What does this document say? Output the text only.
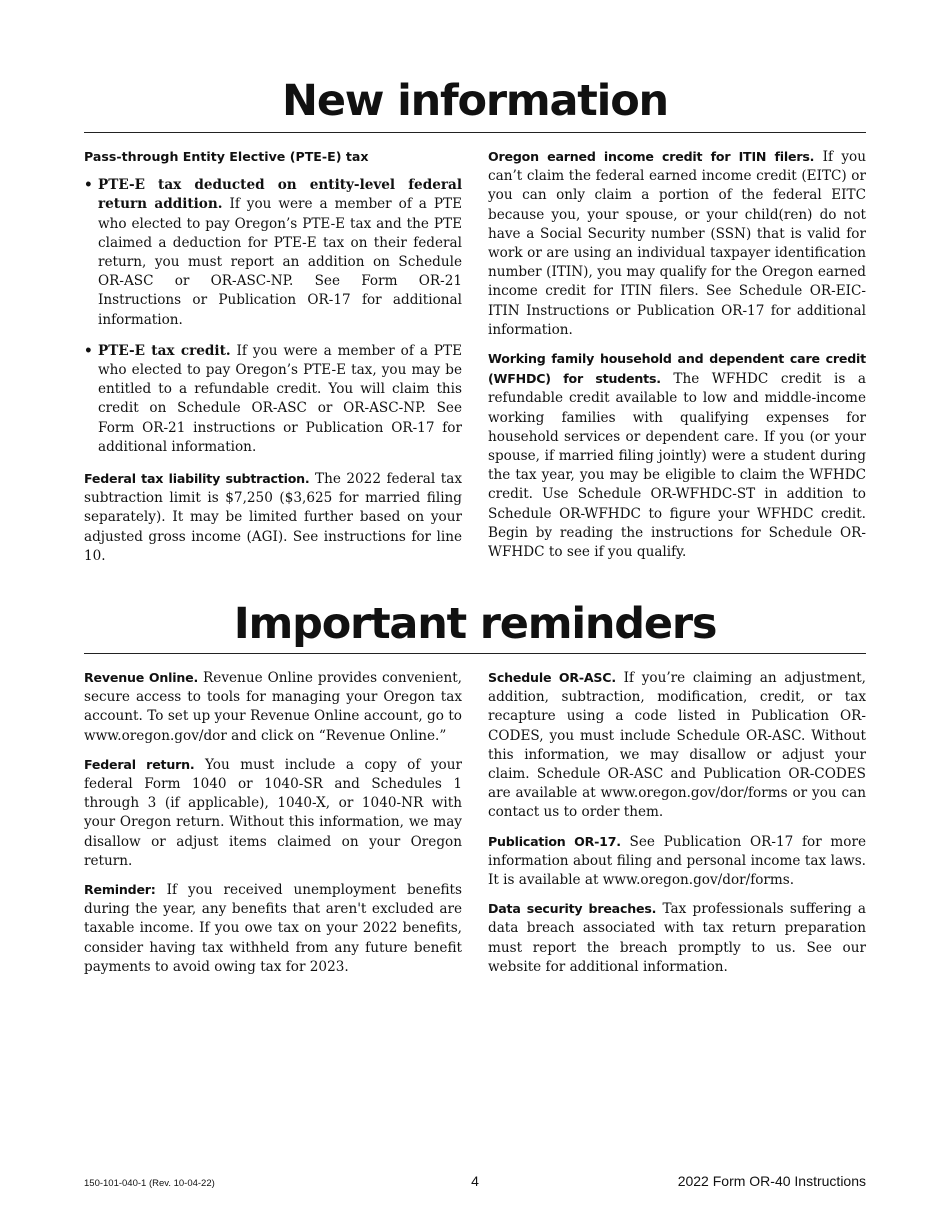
New information
Pass-through Entity Elective (PTE-E) tax
• PTE-E tax deducted on entity-level federal return addition. If you were a member of a PTE who elected to pay Oregon’s PTE-E tax and the PTE claimed a deduction for PTE-E tax on their federal return, you must report an addition on Schedule OR-ASC or OR-ASC-NP. See Form OR-21 Instructions or Publication OR-17 for additional information.
• PTE-E tax credit. If you were a member of a PTE who elected to pay Oregon’s PTE-E tax, you may be entitled to a refundable credit. You will claim this credit on Schedule OR-ASC or OR-ASC-NP. See Form OR-21 instructions or Publication OR-17 for additional information.

Federal tax liability subtraction. The 2022 federal tax subtraction limit is $7,250 ($3,625 for married filing separately). It may be limited further based on your adjusted gross income (AGI). See instructions for line 10.

Oregon earned income credit for ITIN filers. If you can’t claim the federal earned income credit (EITC) or you can only claim a portion of the federal EITC because you, your spouse, or your child(ren) do not have a Social Security number (SSN) that is valid for work or are using an individual taxpayer identification number (ITIN), you may qualify for the Oregon earned income credit for ITIN filers. See Schedule OR-EIC-ITIN Instructions or Publication OR-17 for additional information.

Working family household and dependent care credit (WFHDC) for students. The WFHDC credit is a refundable credit available to low and middle-income working families with qualifying expenses for household services or dependent care. If you (or your spouse, if married filing jointly) were a student during the tax year, you may be eligible to claim the WFHDC credit. Use Schedule OR-WFHDC-ST in addition to Schedule OR-WFHDC to figure your WFHDC credit. Begin by reading the instructions for Schedule OR-WFHDC to see if you qualify.

Important reminders

Revenue Online. Revenue Online provides convenient, secure access to tools for managing your Oregon tax account. To set up your Revenue Online account, go to www.oregon.gov/dor and click on “Revenue Online.”

Federal return. You must include a copy of your federal Form 1040 or 1040-SR and Schedules 1 through 3 (if applicable), 1040-X, or 1040-NR with your Oregon return. Without this information, we may disallow or adjust items claimed on your Oregon return.

Reminder: If you received unemployment benefits during the year, any benefits that aren't excluded are taxable income. If you owe tax on your 2022 benefits, consider having tax withheld from any future benefit payments to avoid owing tax for 2023.

Schedule OR-ASC. If you’re claiming an adjustment, addition, subtraction, modification, credit, or tax recapture using a code listed in Publication OR-CODES, you must include Schedule OR-ASC. Without this information, we may disallow or adjust your claim. Schedule OR-ASC and Publication OR-CODES are available at www.oregon.gov/dor/forms or you can contact us to order them.

Publication OR-17. See Publication OR-17 for more information about filing and personal income tax laws. It is available at www.oregon.gov/dor/forms.

Data security breaches. Tax professionals suffering a data breach associated with tax return preparation must report the breach promptly to us. See our website for additional information.

150-101-040-1 (Rev. 10-04-22)	4	2022 Form OR-40 Instructions
